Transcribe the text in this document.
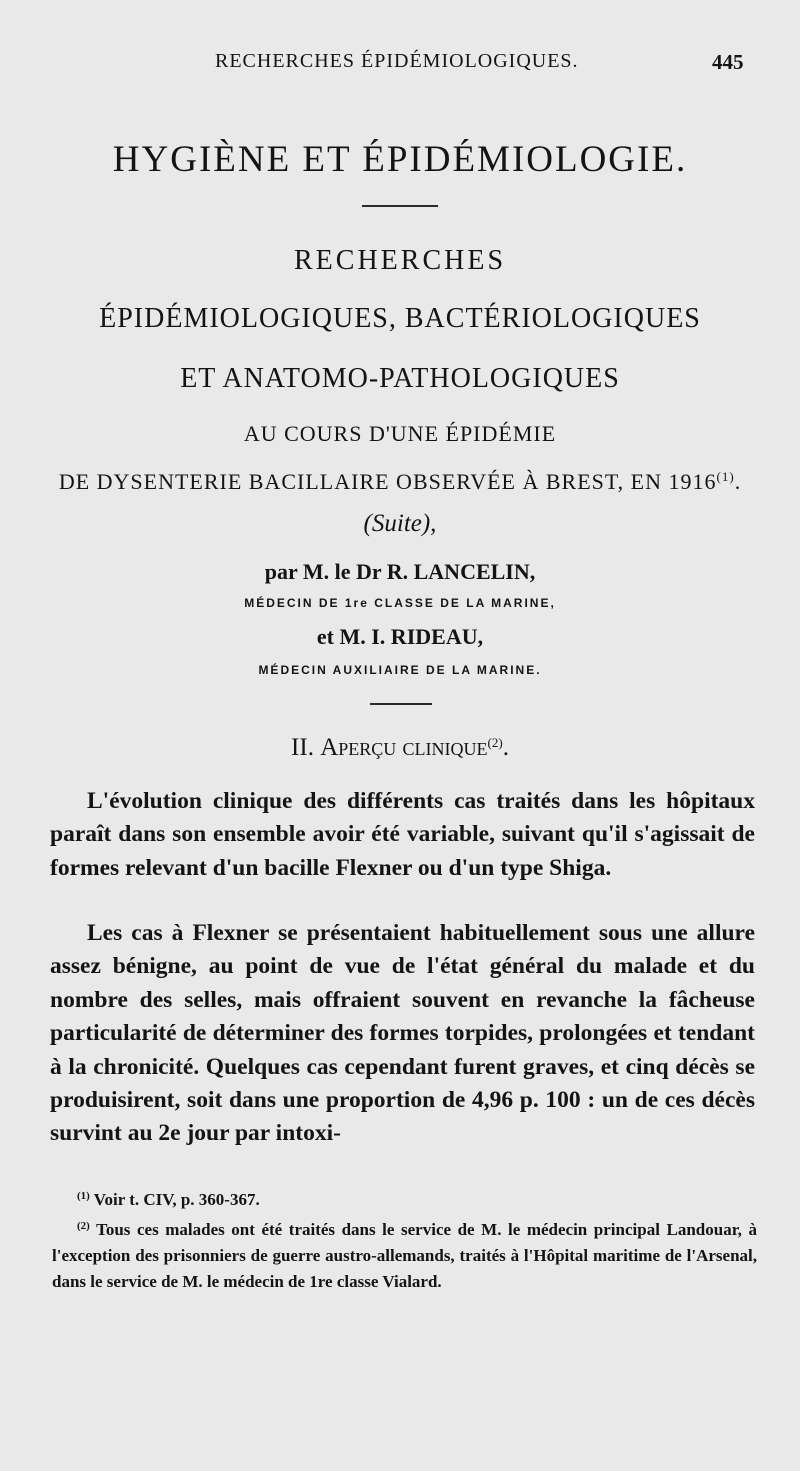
RECHERCHES ÉPIDÉMIOLOGIQUES.	445
HYGIÈNE ET ÉPIDÉMIOLOGIE.
RECHERCHES
ÉPIDÉMIOLOGIQUES, BACTÉRIOLOGIQUES
ET ANATOMO-PATHOLOGIQUES
AU COURS D'UNE ÉPIDÉMIE
DE DYSENTERIE BACILLAIRE OBSERVÉE À BREST, EN 1916$^{(1)}$.
(Suite),
par M. le Dr R. LANCELIN,
MÉDECIN DE 1re CLASSE DE LA MARINE,
et M. I. RIDEAU,
MÉDECIN AUXILIAIRE DE LA MARINE.
II. Aperçu clinique$^{(2)}$.
L'évolution clinique des différents cas traités dans les hôpitaux paraît dans son ensemble avoir été variable, suivant qu'il s'agissait de formes relevant d'un bacille Flexner ou d'un type Shiga.
Les cas à Flexner se présentaient habituellement sous une allure assez bénigne, au point de vue de l'état général du malade et du nombre des selles, mais offraient souvent en revanche la fâcheuse particularité de déterminer des formes torpides, prolongées et tendant à la chronicité. Quelques cas cependant furent graves, et cinq décès se produisirent, soit dans une proportion de 4,96 p. 100 : un de ces décès survint au 2e jour par intoxi-
$^{(1)}$ Voir t. CIV, p. 360-367.
$^{(2)}$ Tous ces malades ont été traités dans le service de M. le médecin principal Landouar, à l'exception des prisonniers de guerre austro-allemands, traités à l'Hôpital maritime de l'Arsenal, dans le service de M. le médecin de 1re classe Vialard.
